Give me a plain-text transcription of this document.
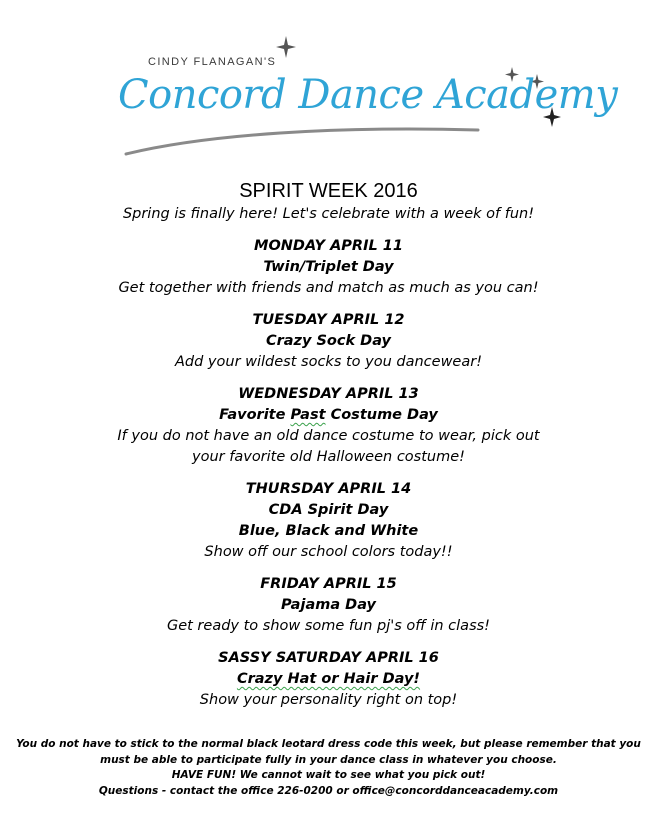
CINDY FLANAGAN'S
Concord Dance Academy
SPIRIT WEEK 2016
Spring is finally here! Let's celebrate with a week of fun!
MONDAY APRIL 11
Twin/Triplet Day
Get together with friends and match as much as you can!
TUESDAY APRIL 12
Crazy Sock Day
Add your wildest socks to you dancewear!
WEDNESDAY APRIL 13
Favorite Past Costume Day
If you do not have an old dance costume to wear, pick out
your favorite old Halloween costume!
THURSDAY APRIL 14
CDA Spirit Day
Blue, Black and White
Show off our school colors today!!
FRIDAY APRIL 15
Pajama Day
Get ready to show some fun pj's off in class!
SASSY SATURDAY APRIL 16
Crazy Hat or Hair Day!
Show your personality right on top!
You do not have to stick to the normal black leotard dress code this week, but please remember that you
must be able to participate fully in your dance class in whatever you choose.
HAVE FUN! We cannot wait to see what you pick out!
Questions - contact the office 226-0200 or office@concorddanceacademy.com
